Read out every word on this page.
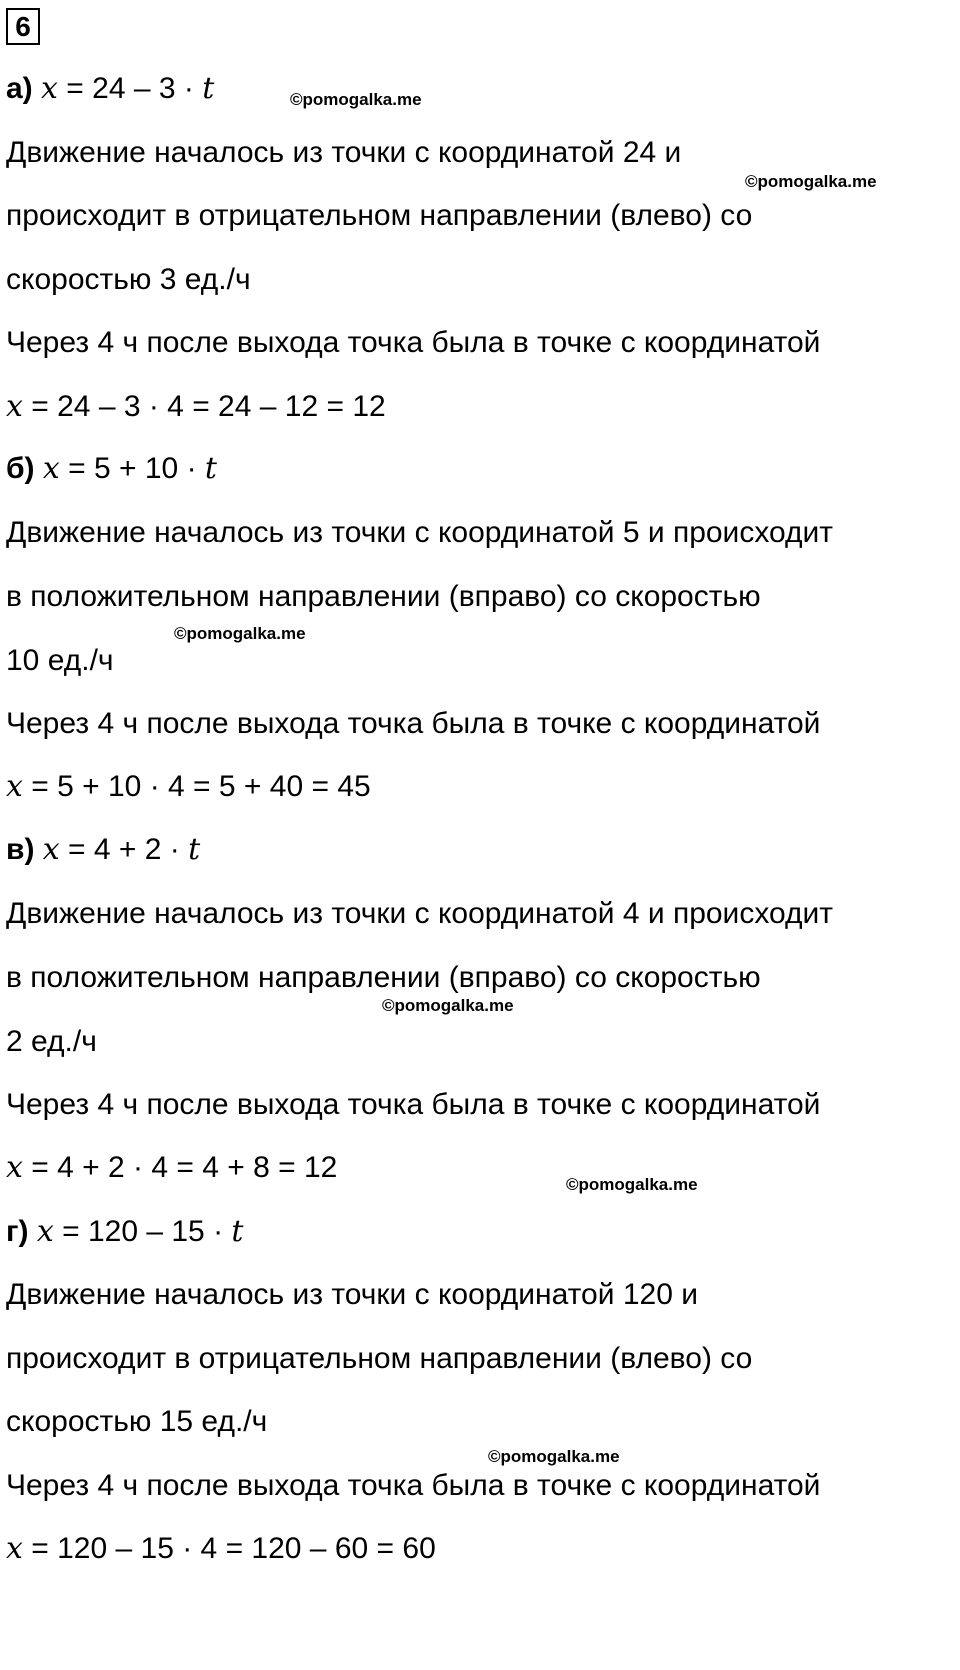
6
а) x = 24 – 3 · t
Движение началось из точки с координатой 24 и
происходит в отрицательном направлении (влево) со
скоростью 3 ед./ч
Через 4 ч после выхода точка была в точке с координатой
x = 24 – 3 · 4 = 24 – 12 = 12
б) x = 5 + 10 · t
Движение началось из точки с координатой 5 и происходит
в положительном направлении (вправо) со скоростью
10 ед./ч
Через 4 ч после выхода точка была в точке с координатой
x = 5 + 10 · 4 = 5 + 40 = 45
в) x = 4 + 2 · t
Движение началось из точки с координатой 4 и происходит
в положительном направлении (вправо) со скоростью
2 ед./ч
Через 4 ч после выхода точка была в точке с координатой
x = 4 + 2 · 4 = 4 + 8 = 12
г) x = 120 – 15 · t
Движение началось из точки с координатой 120 и
происходит в отрицательном направлении (влево) со
скоростью 15 ед./ч
Через 4 ч после выхода точка была в точке с координатой
x = 120 – 15 · 4 = 120 – 60 = 60
©pomogalka.me
©pomogalka.me
©pomogalka.me
©pomogalka.me
©pomogalka.me
©pomogalka.me
